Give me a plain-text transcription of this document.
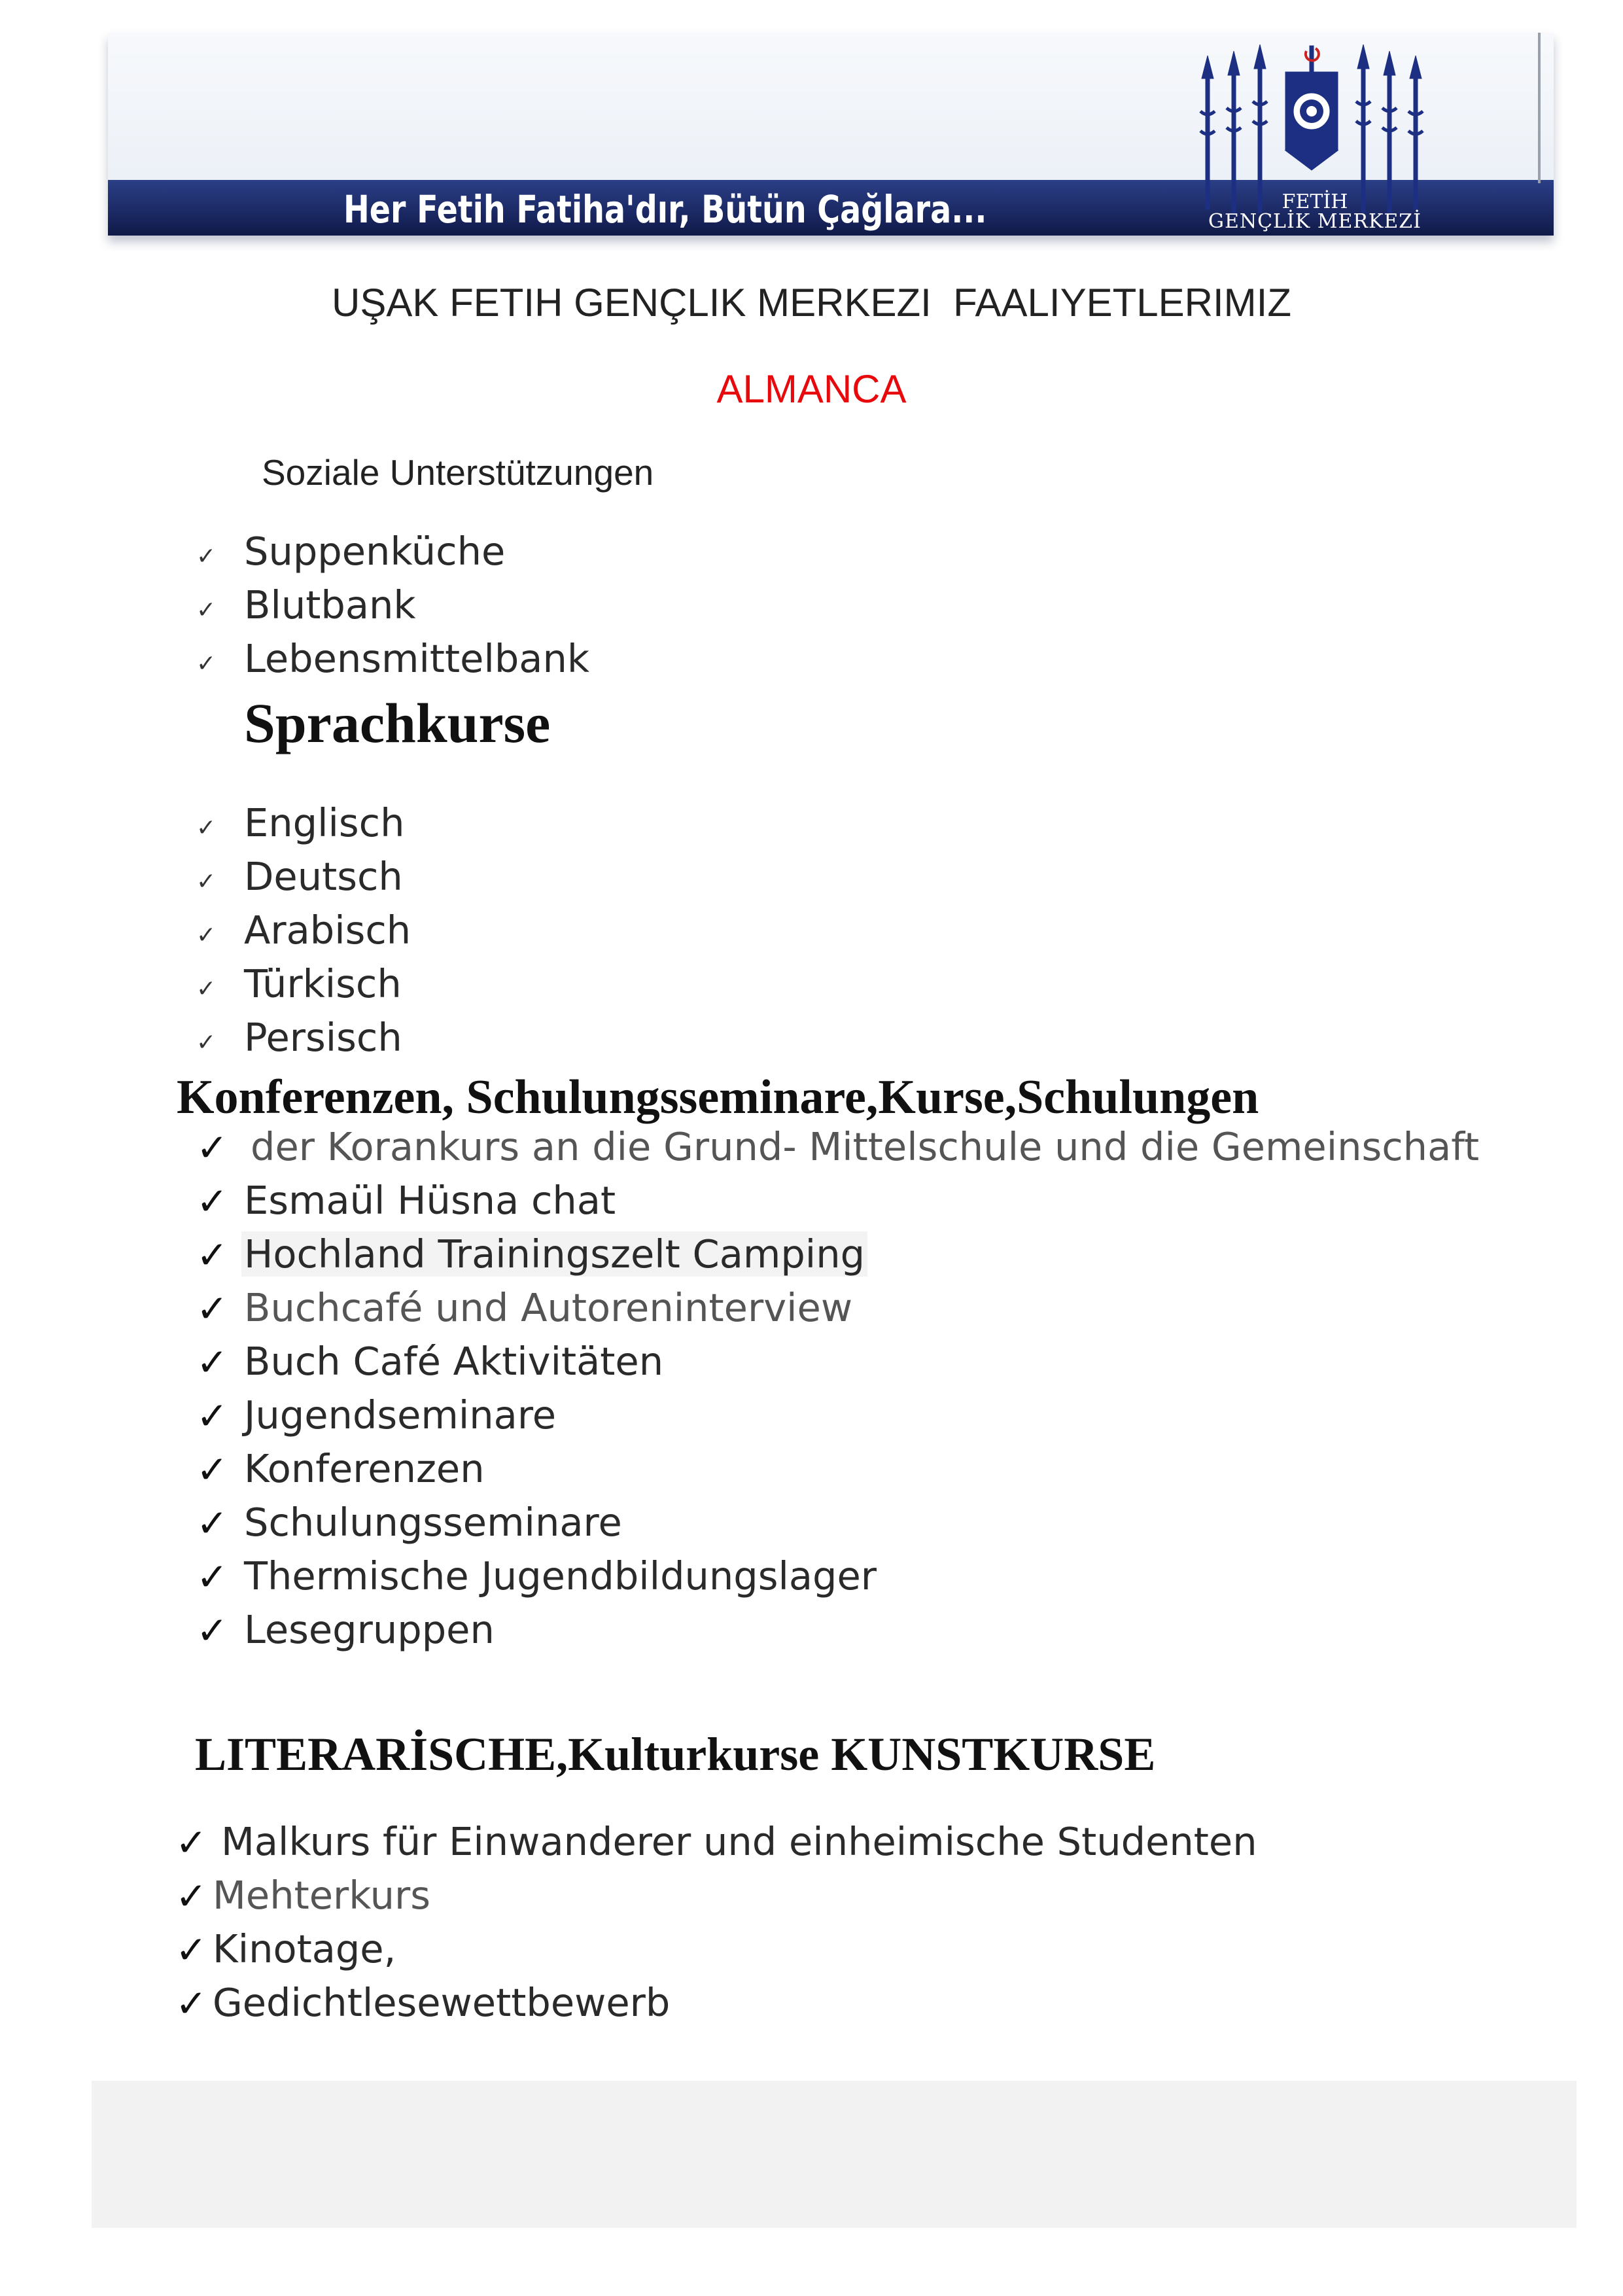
Her Fetih Fatiha'dır, Bütün Çağlara...	FETİH
GENÇLİK MERKEZİ
UŞAK FETIH GENÇLIK MERKEZI  FAALIYETLERIMIZ
ALMANCA
Soziale Unterstützungen
✓ Suppenküche
✓ Blutbank
✓ Lebensmittelbank
Sprachkurse
✓ Englisch
✓ Deutsch
✓ Arabisch
✓ Türkisch
✓ Persisch
Konferenzen, Schulungsseminare,Kurse,Schulungen
✓ der Korankurs an die Grund- Mittelschule und die Gemeinschaft
✓ Esmaül Hüsna chat
✓ Hochland Trainingszelt Camping
✓ Buchcafé und Autoreninterview
✓ Buch Café Aktivitäten
✓ Jugendseminare
✓ Konferenzen
✓ Schulungsseminare
✓ Thermische Jugendbildungslager
✓ Lesegruppen
LITERARİSCHE,Kulturkurse KUNSTKURSE
✓ Malkurs für Einwanderer und einheimische Studenten
✓ Mehterkurs
✓ Kinotage,
✓ Gedichtlesewettbewerb
